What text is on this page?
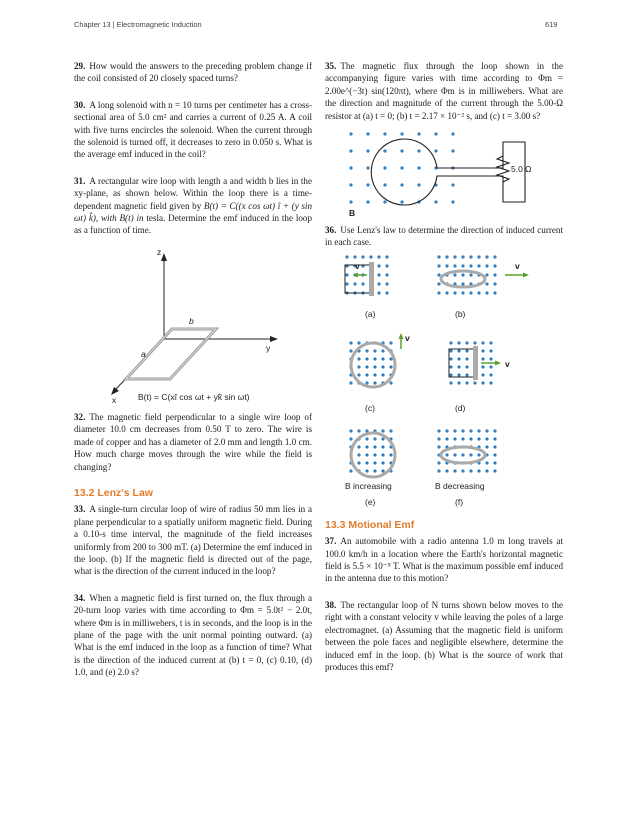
Chapter 13 | Electromagnetic Induction	619

29. How would the answers to the preceding problem change if the coil consisted of 20 closely spaced turns?

30. A long solenoid with n = 10 turns per centimeter has a cross-sectional area of 5.0 cm² and carries a current of 0.25 A. A coil with five turns encircles the solenoid. When the current through the solenoid is turned off, it decreases to zero in 0.050 s. What is the average emf induced in the coil?

31. A rectangular wire loop with length a and width b lies in the xy-plane, as shown below. Within the loop there is a time-dependent magnetic field given by B(t) = C((x cos ωt) î + (y sin ωt) k̂), with B(t) in tesla. Determine the emf induced in the loop as a function of time.

z
y
x
a
b
B(t) = C(xî cos ωt + yk̂ sin ωt)

32. The magnetic field perpendicular to a single wire loop of diameter 10.0 cm decreases from 0.50 T to zero. The wire is made of copper and has a diameter of 2.0 mm and length 1.0 cm. How much charge moves through the wire while the field is changing?

13.2 Lenz's Law

33. A single-turn circular loop of wire of radius 50 mm lies in a plane perpendicular to a spatially uniform magnetic field. During a 0.10-s time interval, the magnitude of the field increases uniformly from 200 to 300 mT. (a) Determine the emf induced in the loop. (b) If the magnetic field is directed out of the page, what is the direction of the current induced in the loop?

34. When a magnetic field is first turned on, the flux through a 20-turn loop varies with time according to Φm = 5.0t² − 2.0t, where Φm is in milliwebers, t is in seconds, and the loop is in the plane of the page with the unit normal pointing outward. (a) What is the emf induced in the loop as a function of time? What is the direction of the induced current at (b) t = 0, (c) 0.10, (d) 1.0, and (e) 2.0 s?

35. The magnetic flux through the loop shown in the accompanying figure varies with time according to Φm = 2.00e^(−3t) sin(120πt), where Φm is in milliwebers. What are the direction and magnitude of the current through the 5.00-Ω resistor at (a) t = 0; (b) t = 2.17 × 10⁻² s, and (c) t = 3.00 s?

5.0 Ω
B

36. Use Lenz's law to determine the direction of induced current in each case.

v	v
v
v
(a)	(b)
(c)	(d)
B increasing	B decreasing
(e)	(f)
13.3 Motional Emf

37. An automobile with a radio antenna 1.0 m long travels at 100.0 km/h in a location where the Earth's horizontal magnetic field is 5.5 × 10⁻⁵ T. What is the maximum possible emf induced in the antenna due to this motion?

38. The rectangular loop of N turns shown below moves to the right with a constant velocity v while leaving the poles of a large electromagnet. (a) Assuming that the magnetic field is uniform between the pole faces and negligible elsewhere, determine the induced emf in the loop. (b) What is the source of work that produces this emf?
